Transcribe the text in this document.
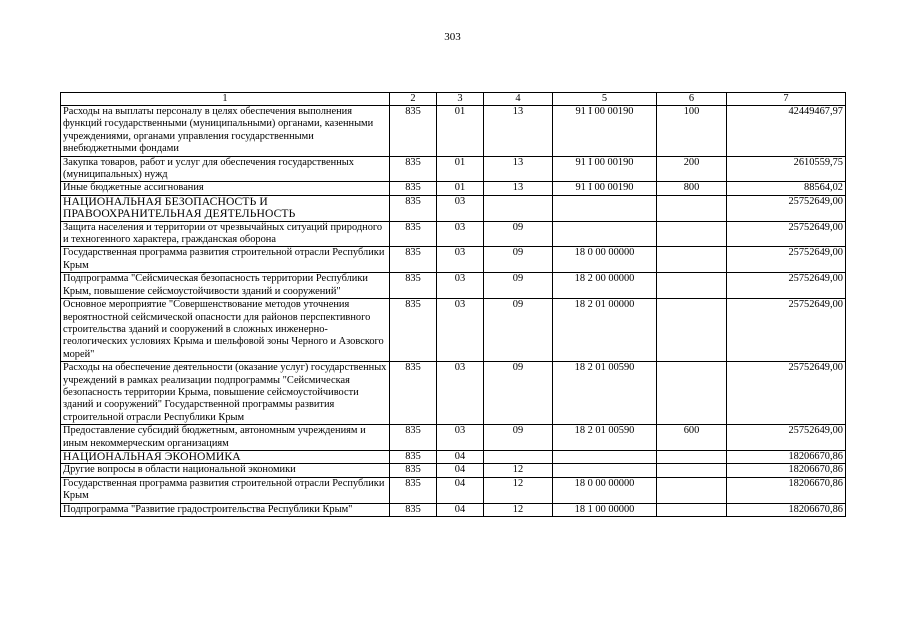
303
1	2	3	4	5	6	7
Расходы на выплаты персоналу в целях обеспечения выполнения функций государственными (муниципальными) органами, казенными учреждениями, органами управления государственными внебюджетными фондами	835	01	13	91 I 00 00190	100	42449467,97
Закупка товаров, работ и услуг для обеспечения государственных (муниципальных) нужд	835	01	13	91 I 00 00190	200	2610559,75
Иные бюджетные ассигнования	835	01	13	91 I 00 00190	800	88564,02
НАЦИОНАЛЬНАЯ БЕЗОПАСНОСТЬ И ПРАВООХРАНИТЕЛЬНАЯ ДЕЯТЕЛЬНОСТЬ	835	03				25752649,00
Защита населения и территории от чрезвычайных ситуаций природного и техногенного характера, гражданская оборона	835	03	09			25752649,00
Государственная программа развития строительной отрасли Республики Крым	835	03	09	18 0 00 00000		25752649,00
Подпрограмма "Сейсмическая безопасность территории Республики Крым, повышение сейсмоустойчивости зданий и сооружений"	835	03	09	18 2 00 00000		25752649,00
Основное мероприятие "Совершенствование методов уточнения вероятностной сейсмической опасности для районов перспективного строительства зданий и сооружений в сложных инженерно-геологических условиях Крыма и шельфовой зоны Черного и Азовского морей"	835	03	09	18 2 01 00000		25752649,00
Расходы на обеспечение деятельности (оказание услуг) государственных учреждений в рамках реализации подпрограммы "Сейсмическая безопасность территории Крыма, повышение сейсмоустойчивости зданий и сооружений" Государственной программы развития строительной отрасли Республики Крым	835	03	09	18 2 01 00590		25752649,00
Предоставление субсидий бюджетным, автономным учреждениям и иным некоммерческим организациям	835	03	09	18 2 01 00590	600	25752649,00
НАЦИОНАЛЬНАЯ ЭКОНОМИКА	835	04				18206670,86
Другие вопросы в области национальной экономики	835	04	12			18206670,86
Государственная программа развития строительной отрасли Республики Крым	835	04	12	18 0 00 00000		18206670,86
Подпрограмма "Развитие градостроительства Республики Крым"	835	04	12	18 1 00 00000		18206670,86
